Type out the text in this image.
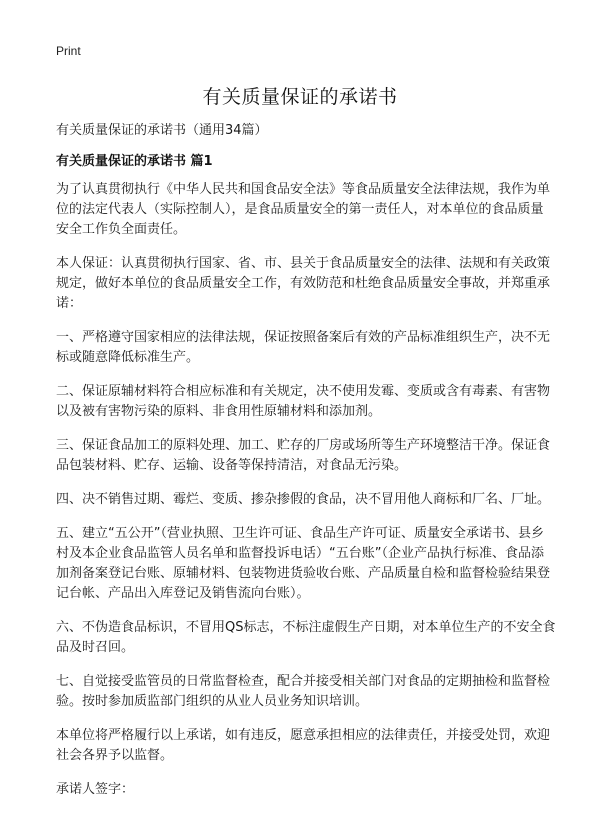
Print
有关质量保证的承诺书
有关质量保证的承诺书（通用34篇）
有关质量保证的承诺书 篇1

为了认真贯彻执行《中华人民共和国食品安全法》等食品质量安全法律法规，我作为单位的法定代表人（实际控制人），是食品质量安全的第一责任人，对本单位的食品质量安全工作负全面责任。

本人保证：认真贯彻执行国家、省、市、县关于食品质量安全的法律、法规和有关政策规定，做好本单位的食品质量安全工作，有效防范和杜绝食品质量安全事故，并郑重承诺：

一、严格遵守国家相应的法律法规，保证按照备案后有效的产品标准组织生产，决不无标或随意降低标准生产。

二、保证原辅材料符合相应标准和有关规定，决不使用发霉、变质或含有毒素、有害物以及被有害物污染的原料、非食用性原辅材料和添加剂。

三、保证食品加工的原料处理、加工、贮存的厂房或场所等生产环境整洁干净。保证食品包装材料、贮存、运输、设备等保持清洁，对食品无污染。

四、决不销售过期、霉烂、变质、掺杂掺假的食品，决不冒用他人商标和厂名、厂址。

五、建立“五公开”（营业执照、卫生许可证、食品生产许可证、质量安全承诺书、县乡村及本企业食品监管人员名单和监督投诉电话）“五台账”（企业产品执行标准、食品添加剂备案登记台账、原辅材料、包装物进货验收台账、产品质量自检和监督检验结果登记台帐、产品出入库登记及销售流向台账）。

六、不伪造食品标识，不冒用QS标志，不标注虚假生产日期，对本单位生产的不安全食品及时召回。

七、自觉接受监管员的日常监督检查，配合并接受相关部门对食品的定期抽检和监督检验。按时参加质监部门组织的从业人员业务知识培训。

本单位将严格履行以上承诺，如有违反，愿意承担相应的法律责任，并接受处罚，欢迎社会各界予以监督。

承诺人签字：
